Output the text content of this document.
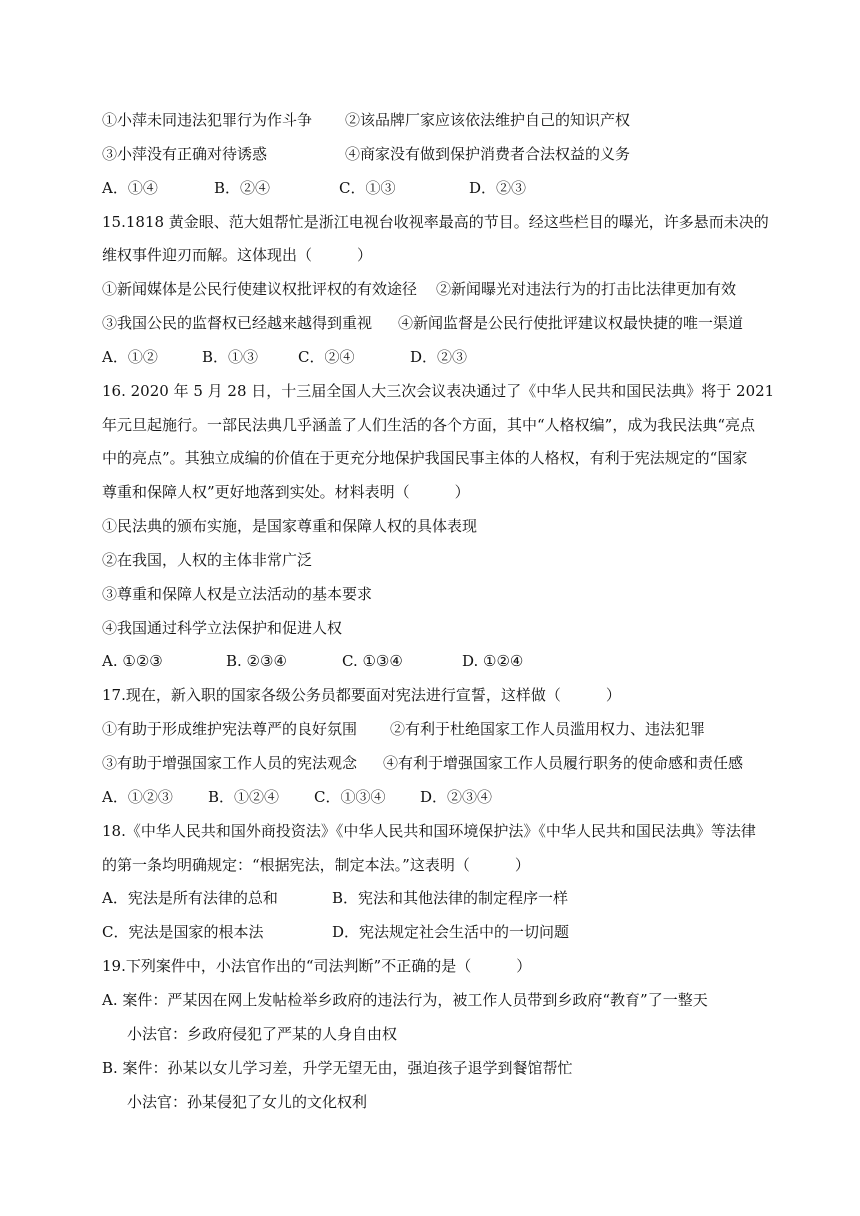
①小萍未同违法犯罪行为作斗争 ②该品牌厂家应该依法维护自己的知识产权
③小萍没有正确对待诱惑	④商家没有做到保护消费者合法权益的义务
A．①④	B．②④	C．①③	D．②③
15.1818 黄金眼、范大姐帮忙是浙江电视台收视率最高的节目。经这些栏目的曝光，许多悬而未决的
维权事件迎刃而解。这体现出（　　　）
①新闻媒体是公民行使建议权批评权的有效途径 ②新闻曝光对违法行为的打击比法律更加有效
③我国公民的监督权已经越来越得到重视 ④新闻监督是公民行使批评建议权最快捷的唯一渠道
A．①②	B．①③	C．②④	D．②③
16. 2020 年 5 月 28 日，十三届全国人大三次会议表决通过了《中华人民共和国民法典》将于 2021
年元旦起施行。一部民法典几乎涵盖了人们生活的各个方面，其中“人格权编”，成为我民法典“亮点
中的亮点”。其独立成编的价值在于更充分地保护我国民事主体的人格权，有利于宪法规定的“国家
尊重和保障人权”更好地落到实处。材料表明（　　　）
①民法典的颁布实施，是国家尊重和保障人权的具体表现
②在我国，人权的主体非常广泛
③尊重和保障人权是立法活动的基本要求
④我国通过科学立法保护和促进人权
A. ①②③	B. ②③④	C. ①③④	D. ①②④
17.现在，新入职的国家各级公务员都要面对宪法进行宣誓，这样做（　　　）
①有助于形成维护宪法尊严的良好氛围 ②有利于杜绝国家工作人员滥用权力、违法犯罪
③有助于增强国家工作人员的宪法观念 ④有利于增强国家工作人员履行职务的使命感和责任感
A．①②③ B．①②④ C．①③④ D．②③④
18.《中华人民共和国外商投资法》《中华人民共和国环境保护法》《中华人民共和国民法典》等法律
的第一条均明确规定：“根据宪法，制定本法。”这表明（　　　）
A．宪法是所有法律的总和	B．宪法和其他法律的制定程序一样
C．宪法是国家的根本法	D．宪法规定社会生活中的一切问题
19.下列案件中，小法官作出的“司法判断”不正确的是（　　　）
A. 案件：严某因在网上发帖检举乡政府的违法行为，被工作人员带到乡政府“教育”了一整天
小法官：乡政府侵犯了严某的人身自由权
B. 案件：孙某以女儿学习差，升学无望无由，强迫孩子退学到餐馆帮忙
小法官：孙某侵犯了女儿的文化权利
